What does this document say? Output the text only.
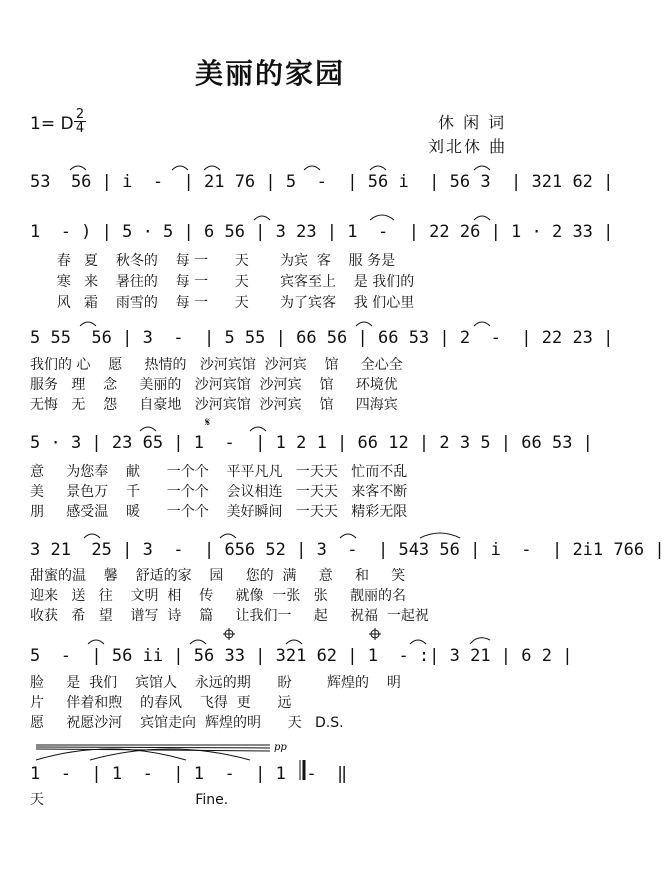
美丽的家园
1= D $\frac{2}{4}$	休 闲 词
刘北休 曲
53  56 | i  -  | 21 76 | 5  -  | 56 i  | 56 3  | 321 62 |
1  - ) | 5 · 5 | 6 56 | 3 23 | 1  -  | 22 26 | 1 · 2 33 |
春   夏    秋冬的    每 一      天       为宾  客    服 务是
寒   来    暑往的    每 一      天       宾客至上    是 我们的
风   霜    雨雪的    每 一      天       为了宾客    我 们心里
5 55  56 | 3  -  | 5 55 | 66 56 | 66 53 | 2  -  | 22 23 |
我们的 心    愿     热情的   沙河宾馆  沙河宾    馆     全心全
服务   理    念     美丽的   沙河宾馆  沙河宾    馆     环境优
无悔   无    怨     自豪地   沙河宾馆  沙河宾    馆     四海宾
5 · 3 | 23 65 | 1  -  | 1 2 1 | 66 12 | 2 3 5 | 66 53 |
意     为您奉    献      一个个    平平凡凡   一天天   忙而不乱
美     景色万    千      一个个    会议相连   一天天   来客不断
朋     感受温    暖      一个个    美好瞬间   一天天   精彩无限
3 21  25 | 3  -  | 656 52 | 3  -  | 543 56 | i  -  | 2i1 766 |
甜蜜的温    馨    舒适的家    园     您的  满     意     和     笑
迎来   送   往    文明  相    传     就像  一张   张     靓丽的名
收获   希   望    谱写  诗    篇     让我们一     起     祝福  一起祝
5  -  | 56 ii | 56 33 | 321 62 | 1  - :| 3 21 | 6 2 |
脸     是  我们    宾馆人    永远的期      盼        辉煌的    明
片     伴着和煦    的春风    飞得  更      远
愿     祝愿沙河    宾馆走向  辉煌的明      天   D.S.
1  -  | 1  -  | 1  -  | 1  -  ‖
天                                  Fine.
𝄋
pp
